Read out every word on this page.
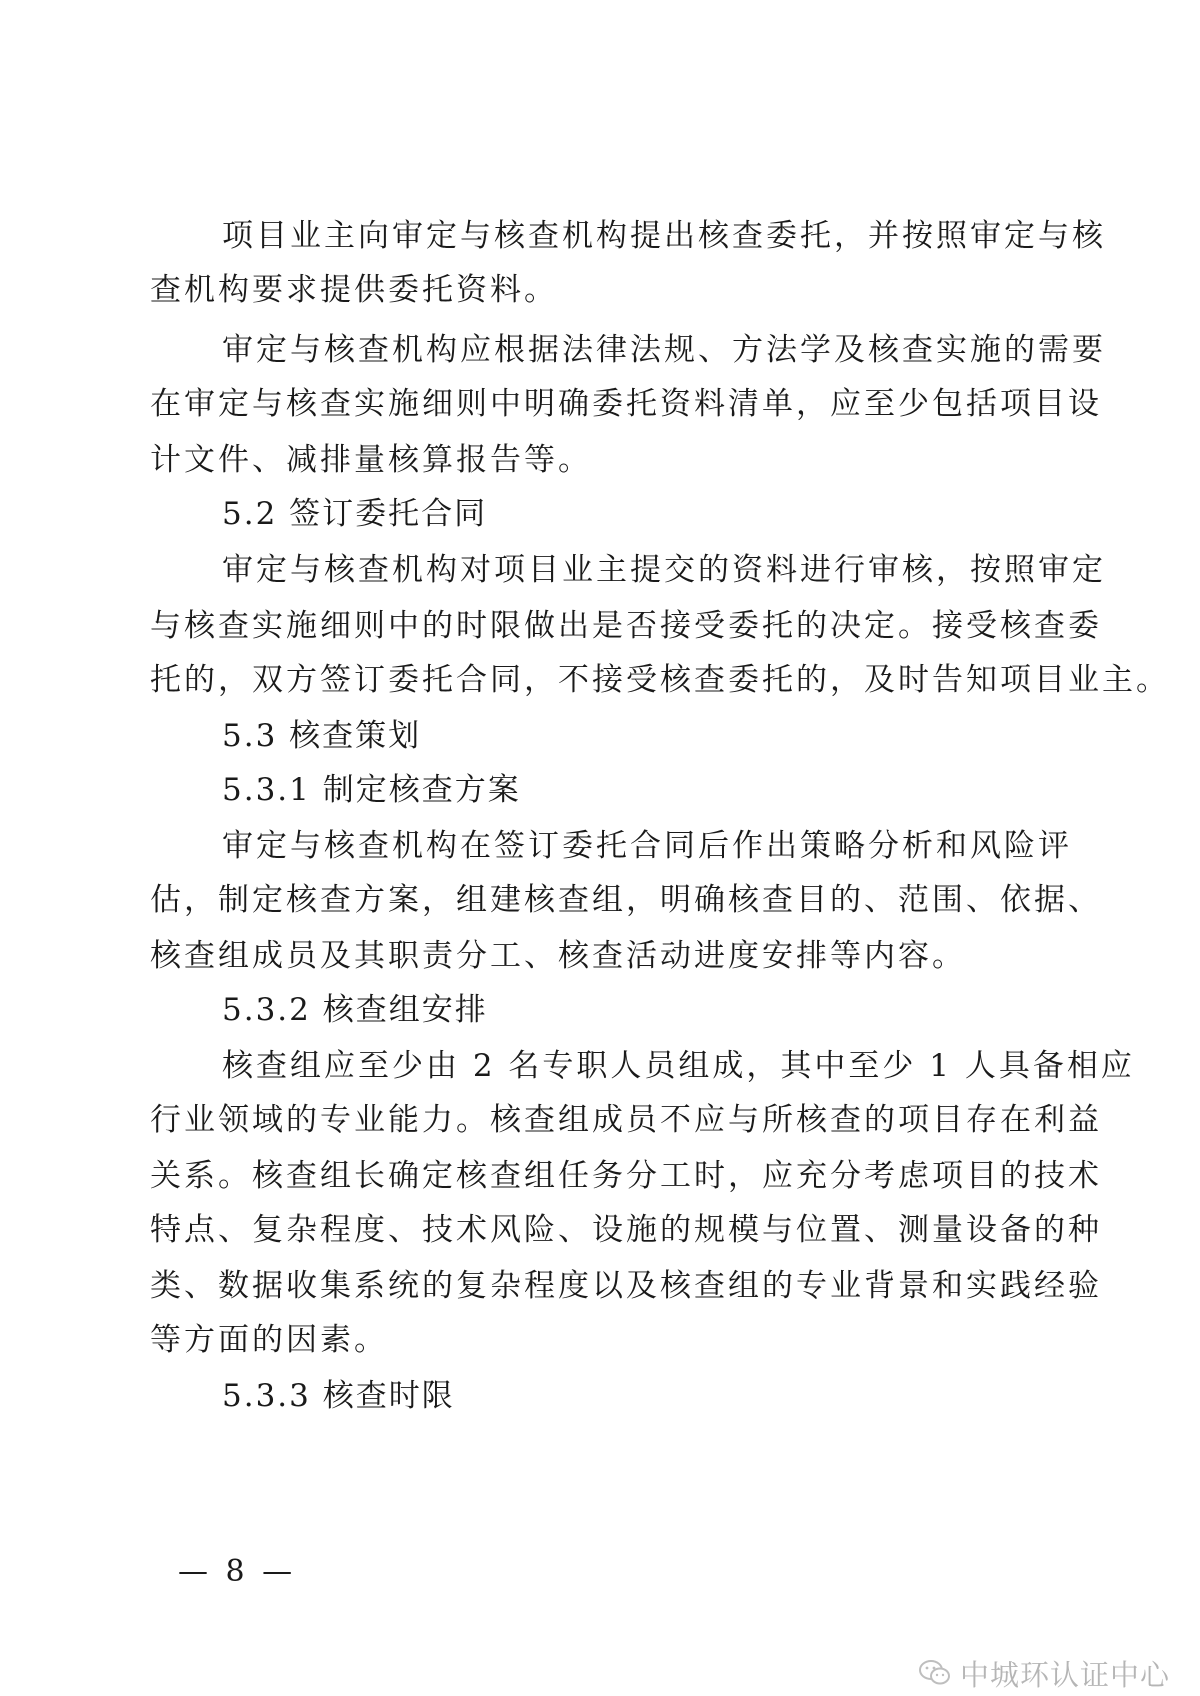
项目业主向审定与核查机构提出核查委托，并按照审定与核
查机构要求提供委托资料。
审定与核查机构应根据法律法规、方法学及核查实施的需要
在审定与核查实施细则中明确委托资料清单，应至少包括项目设
计文件、减排量核算报告等。
5.2 签订委托合同
审定与核查机构对项目业主提交的资料进行审核，按照审定
与核查实施细则中的时限做出是否接受委托的决定。接受核查委
托的，双方签订委托合同，不接受核查委托的，及时告知项目业主。
5.3 核查策划
5.3.1 制定核查方案
审定与核查机构在签订委托合同后作出策略分析和风险评
估，制定核查方案，组建核查组，明确核查目的、范围、依据、
核查组成员及其职责分工、核查活动进度安排等内容。
5.3.2 核查组安排
核查组应至少由 2 名专职人员组成，其中至少 1 人具备相应
行业领域的专业能力。核查组成员不应与所核查的项目存在利益
关系。核查组长确定核查组任务分工时，应充分考虑项目的技术
特点、复杂程度、技术风险、设施的规模与位置、测量设备的种
类、数据收集系统的复杂程度以及核查组的专业背景和实践经验
等方面的因素。
5.3.3 核查时限
— 8 —
中城环认证中心
